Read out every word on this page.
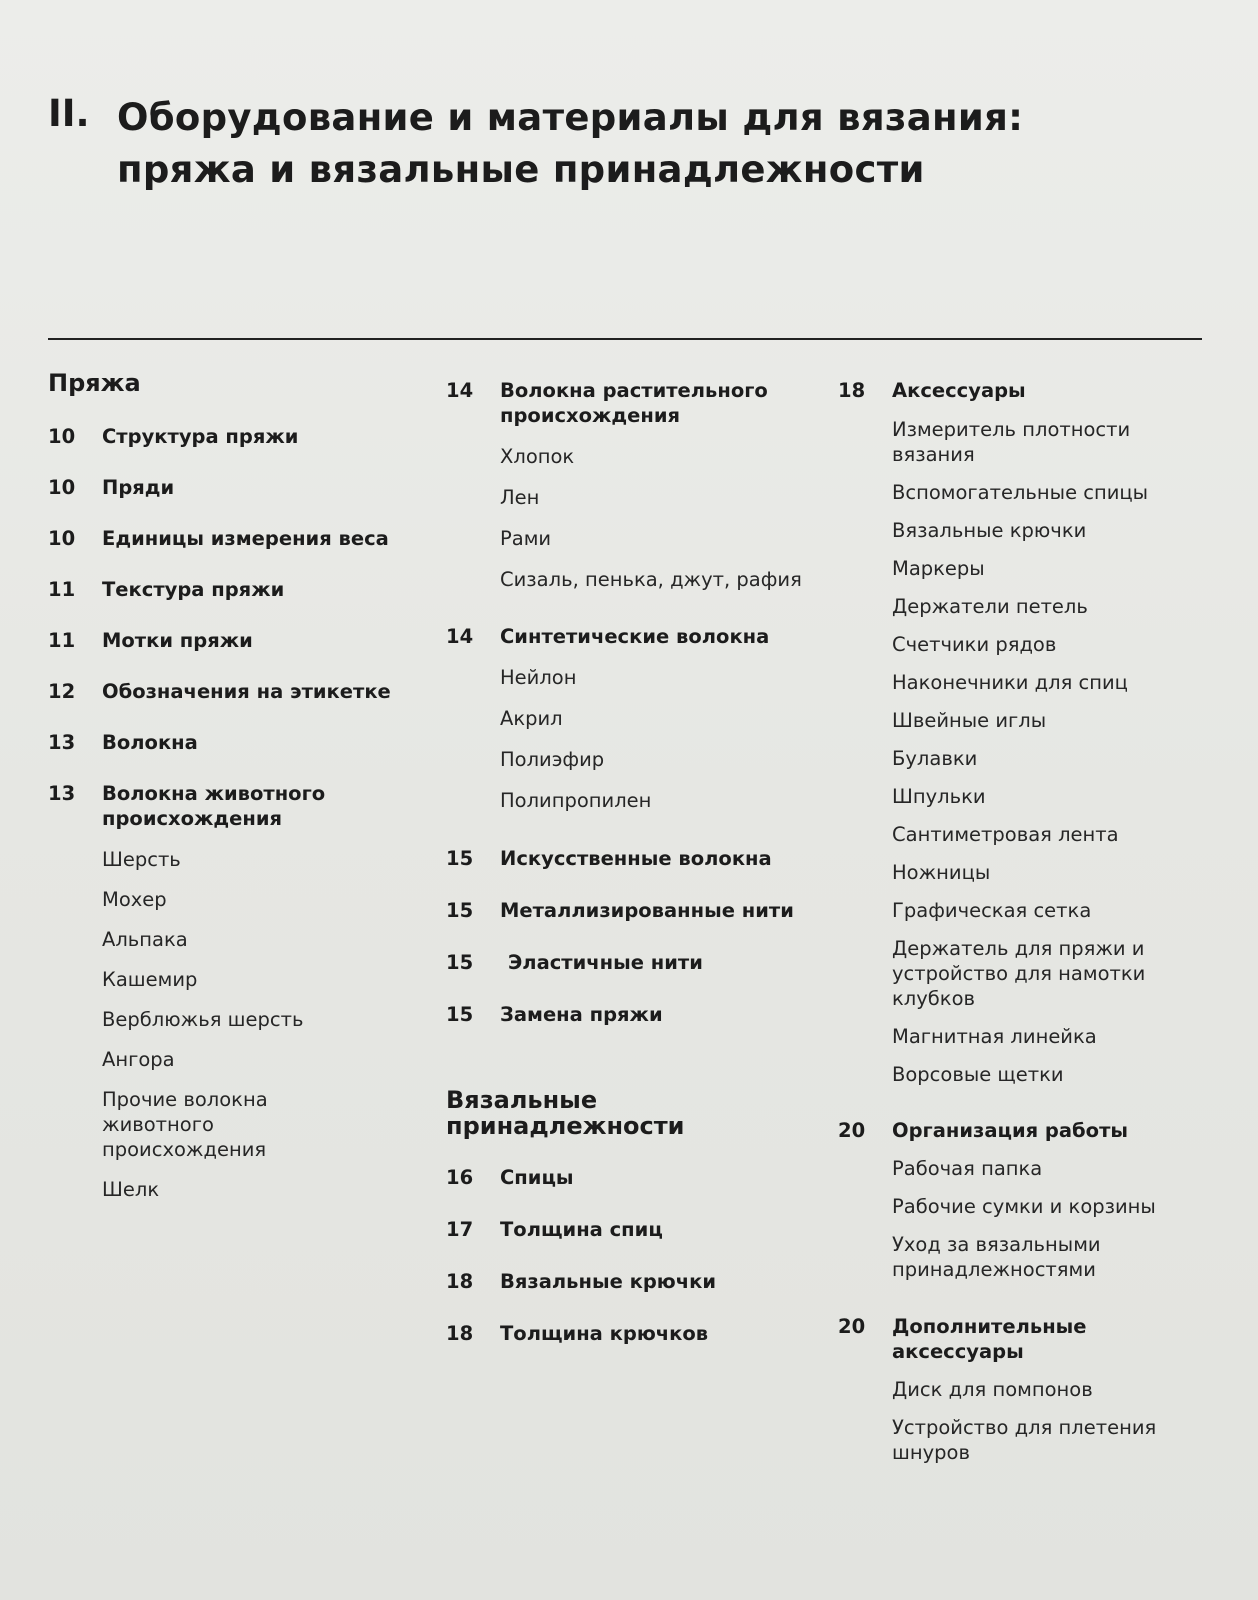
II. Оборудование и материалы для вязания:
пряжа и вязальные принадлежности
Пряжа
10 Структура пряжи
10 Пряди
10 Единицы измерения веса
11 Текстура пряжи
11 Мотки пряжи
12 Обозначения на этикетке
13 Волокна
13 Волокна животного
происхождения
Шерсть
Мохер
Альпака
Кашемир
Верблюжья шерсть
Ангора
Прочие волокна
животного
происхождения
Шелк
14 Волокна растительного
происхождения
Хлопок
Лен
Рами
Сизаль, пенька, джут, рафия
14 Синтетические волокна
Нейлон
Акрил
Полиэфир
Полипропилен
15 Искусственные волокна
15 Металлизированные нити
15 Эластичные нити
15 Замена пряжи
Вязальные
принадлежности
16 Спицы
17 Толщина спиц
18 Вязальные крючки
18 Толщина крючков
18 Аксессуары
Измеритель плотности
вязания
Вспомогательные спицы
Вязальные крючки
Маркеры
Держатели петель
Счетчики рядов
Наконечники для спиц
Швейные иглы
Булавки
Шпульки
Сантиметровая лента
Ножницы
Графическая сетка
Держатель для пряжи и
устройство для намотки
клубков
Магнитная линейка
Ворсовые щетки
20 Организация работы
Рабочая папка
Рабочие сумки и корзины
Уход за вязальными
принадлежностями
20 Дополнительные
аксессуары
Диск для помпонов
Устройство для плетения
шнуров
